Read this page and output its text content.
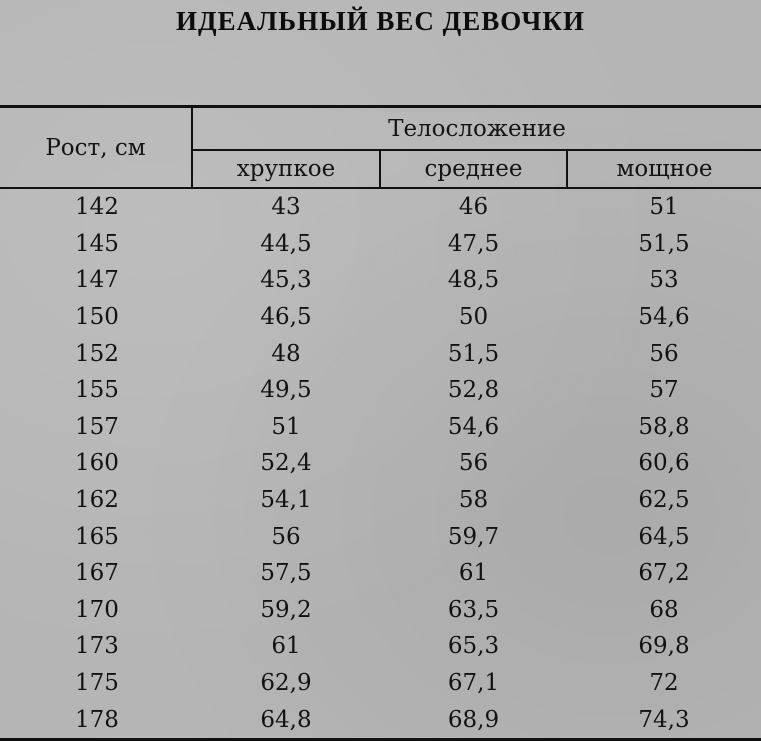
ИДЕАЛЬНЫЙ ВЕС ДЕВОЧКИ
Рост, см	Телосложение		
	хрупкое	среднее	мощное
142	43	46	51
145	44,5	47,5	51,5
147	45,3	48,5	53
150	46,5	50	54,6
152	48	51,5	56
155	49,5	52,8	57
157	51	54,6	58,8
160	52,4	56	60,6
162	54,1	58	62,5
165	56	59,7	64,5
167	57,5	61	67,2
170	59,2	63,5	68
173	61	65,3	69,8
175	62,9	67,1	72
178	64,8	68,9	74,3
